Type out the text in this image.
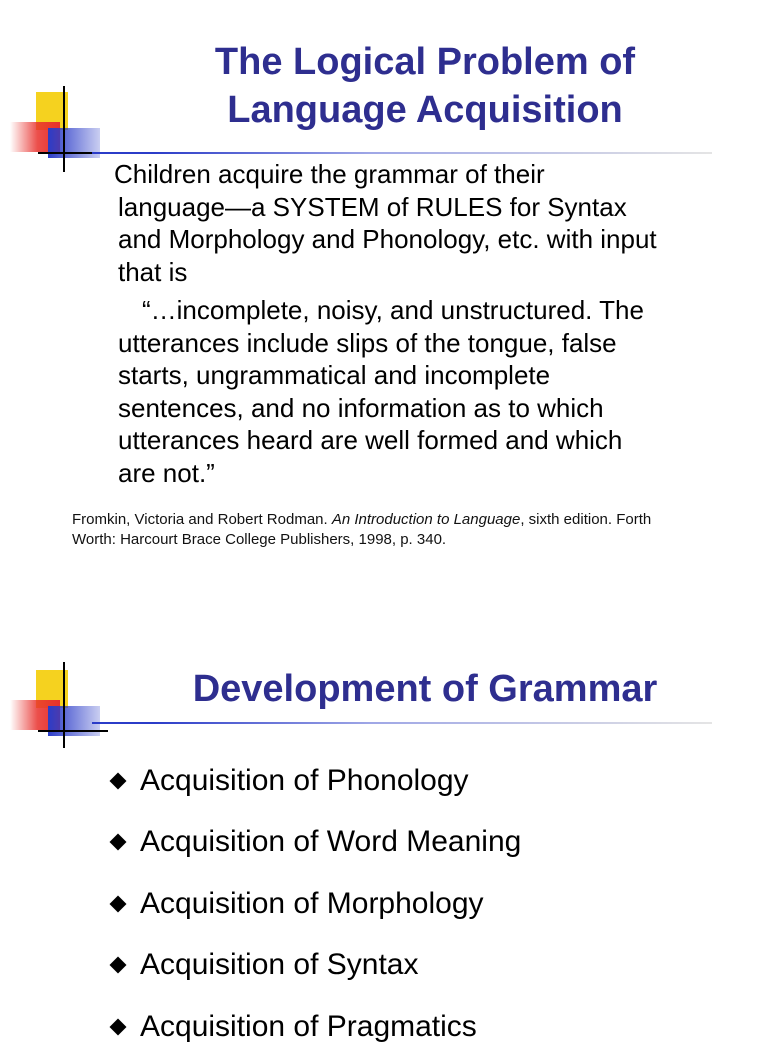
The Logical Problem of
Language Acquisition
Children acquire the grammar of their
language—a SYSTEM of RULES for Syntax
and Morphology and Phonology, etc. with input
that is
“…incomplete, noisy, and unstructured. The
utterances include slips of the tongue, false
starts, ungrammatical and incomplete
sentences, and no information as to which
utterances heard are well formed and which
are not.”
Fromkin, Victoria and Robert Rodman. An Introduction to Language, sixth edition. Forth
Worth: Harcourt Brace College Publishers, 1998, p. 340.
Development of Grammar
Acquisition of Phonology
Acquisition of Word Meaning
Acquisition of Morphology
Acquisition of Syntax
Acquisition of Pragmatics
